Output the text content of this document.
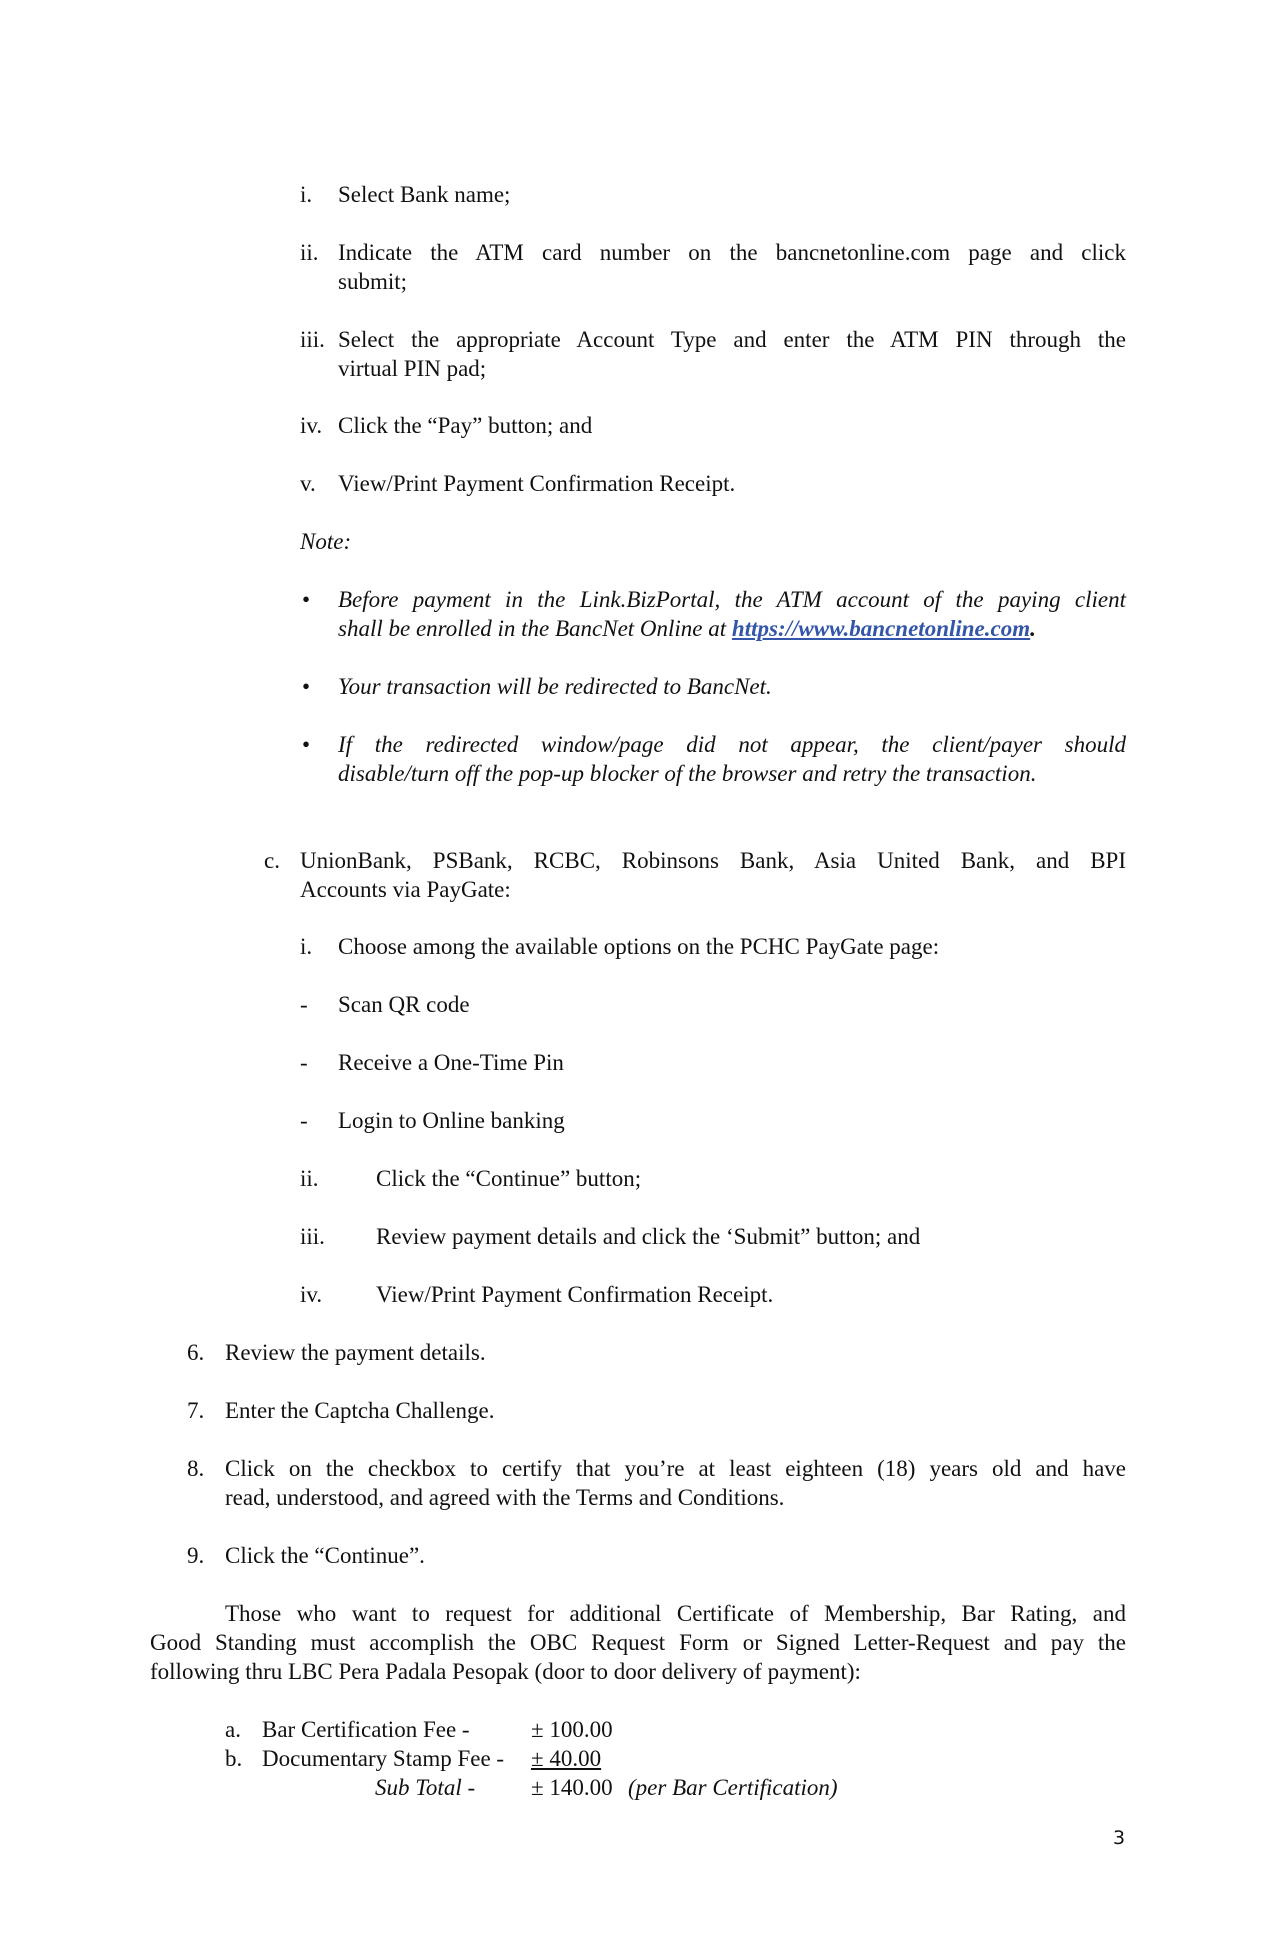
i. Select Bank name;
ii. Indicate the ATM card number on the bancnetonline.com page and click
submit;
iii. Select the appropriate Account Type and enter the ATM PIN through the
virtual PIN pad;
iv. Click the “Pay” button; and
v. View/Print Payment Confirmation Receipt.
Note:
• Before payment in the Link.BizPortal, the ATM account of the paying client
shall be enrolled in the BancNet Online at https://www.bancnetonline.com.
• Your transaction will be redirected to BancNet.
• If the redirected window/page did not appear, the client/payer should
disable/turn off the pop-up blocker of the browser and retry the transaction.
c. UnionBank, PSBank, RCBC, Robinsons Bank, Asia United Bank, and BPI
Accounts via PayGate:
i. Choose among the available options on the PCHC PayGate page:
- Scan QR code
- Receive a One-Time Pin
- Login to Online banking
ii. Click the “Continue” button;
iii. Review payment details and click the ‘Submit” button; and
iv. View/Print Payment Confirmation Receipt.
6. Review the payment details.
7. Enter the Captcha Challenge.
8. Click on the checkbox to certify that you’re at least eighteen (18) years old and have
read, understood, and agreed with the Terms and Conditions.
9. Click the “Continue”.
Those who want to request for additional Certificate of Membership, Bar Rating, and
Good Standing must accomplish the OBC Request Form or Signed Letter-Request and pay the
following thru LBC Pera Padala Pesopak (door to door delivery of payment):
a. Bar Certification Fee -	± 100.00
b. Documentary Stamp Fee - ± 40.00
Sub Total - ± 140.00 (per Bar Certification)
3
